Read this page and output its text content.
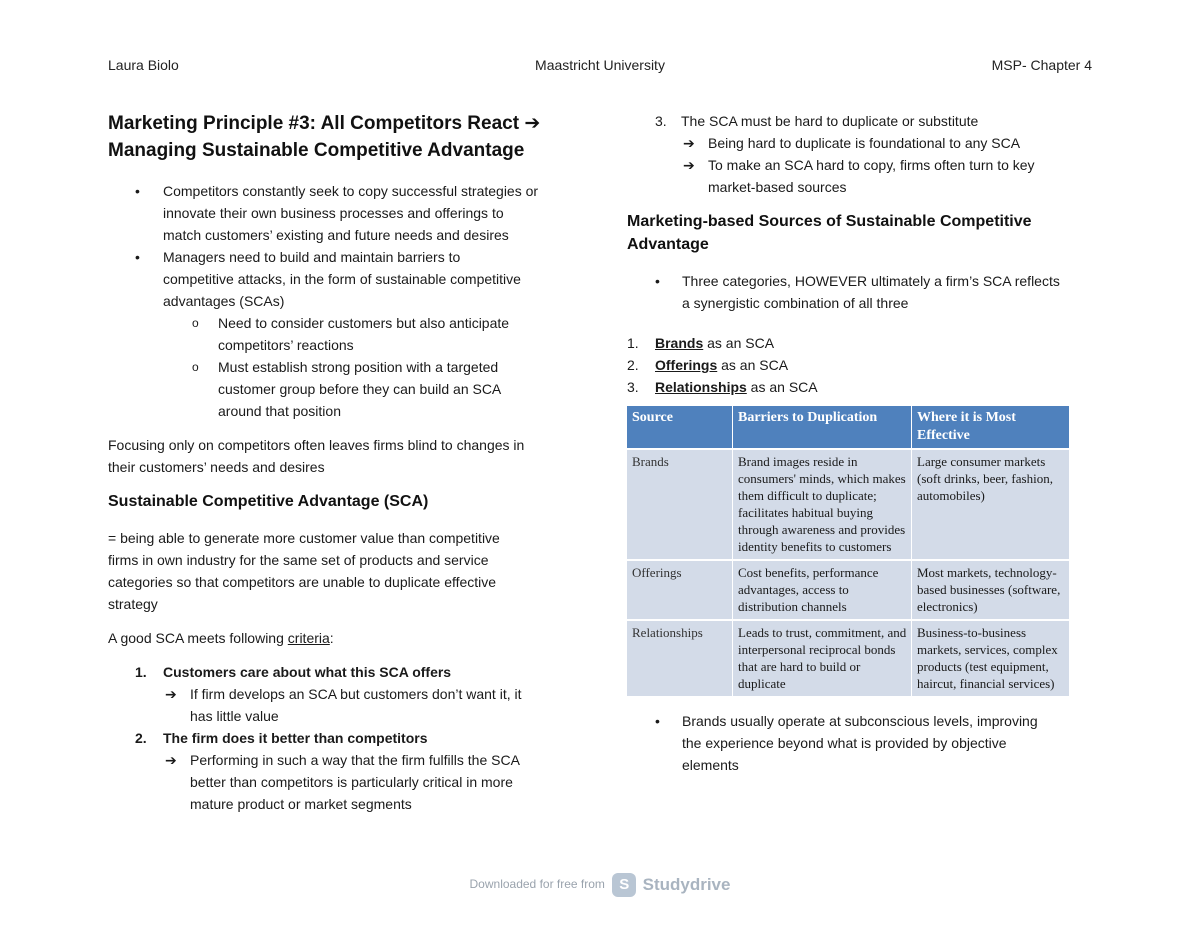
Laura Biolo	Maastricht University	MSP- Chapter 4
Marketing Principle #3: All Competitors React ➔
Managing Sustainable Competitive Advantage
• Competitors constantly seek to copy successful strategies or
innovate their own business processes and offerings to
match customers’ existing and future needs and desires
• Managers need to build and maintain barriers to
competitive attacks, in the form of sustainable competitive
advantages (SCAs)
o Need to consider customers but also anticipate
competitors’ reactions
o Must establish strong position with a targeted
customer group before they can build an SCA
around that position

Focusing only on competitors often leaves firms blind to changes in
their customers’ needs and desires

Sustainable Competitive Advantage (SCA)

= being able to generate more customer value than competitive
firms in own industry for the same set of products and service
categories so that competitors are unable to duplicate effective
strategy

A good SCA meets following criteria:

1. Customers care about what this SCA offers
➔ If firm develops an SCA but customers don’t want it, it
has little value
2. The firm does it better than competitors
➔ Performing in such a way that the firm fulfills the SCA
better than competitors is particularly critical in more
mature product or market segments
3. The SCA must be hard to duplicate or substitute
➔ Being hard to duplicate is foundational to any SCA
➔ To make an SCA hard to copy, firms often turn to key
market-based sources
Marketing-based Sources of Sustainable Competitive
Advantage
• Three categories, HOWEVER ultimately a firm’s SCA reflects
a synergistic combination of all three
1. Brands as an SCA
2. Offerings as an SCA
3. Relationships as an SCA
Source	Barriers to Duplication	Where it is Most Effective
Brands	Brand images reside in consumers' minds, which makes them difficult to duplicate; facilitates habitual buying through awareness and provides identity benefits to customers	Large consumer markets (soft drinks, beer, fashion, automobiles)
Offerings	Cost benefits, performance advantages, access to distribution channels	Most markets, technology-based businesses (software, electronics)
Relationships	Leads to trust, commitment, and interpersonal reciprocal bonds that are hard to build or duplicate	Business-to-business markets, services, complex products (test equipment, haircut, financial services)
• Brands usually operate at subconscious levels, improving
the experience beyond what is provided by objective
elements
Downloaded for free from S Studydrive
